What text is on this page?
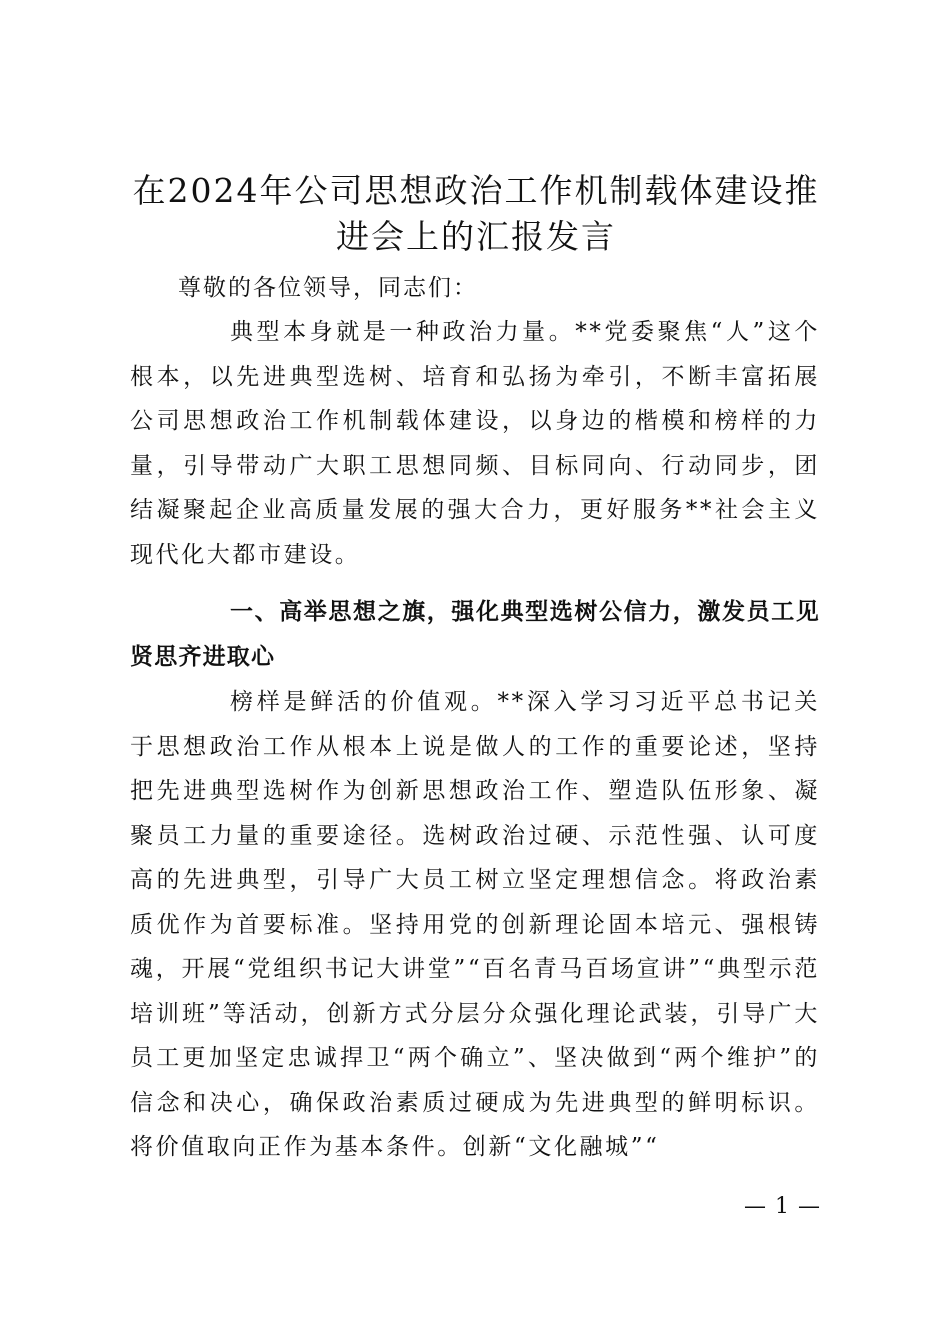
在2024年公司思想政治工作机制载体建设推进会上的汇报发言

尊敬的各位领导，同志们：

典型本身就是一种政治力量。**党委聚焦“人”这个根本，以先进典型选树、培育和弘扬为牵引，不断丰富拓展公司思想政治工作机制载体建设，以身边的楷模和榜样的力量，引导带动广大职工思想同频、目标同向、行动同步，团结凝聚起企业高质量发展的强大合力，更好服务**社会主义现代化大都市建设。

一、高举思想之旗，强化典型选树公信力，激发员工见贤思齐进取心

榜样是鲜活的价值观。**深入学习习近平总书记关于思想政治工作从根本上说是做人的工作的重要论述，坚持把先进典型选树作为创新思想政治工作、塑造队伍形象、凝聚员工力量的重要途径。选树政治过硬、示范性强、认可度高的先进典型，引导广大员工树立坚定理想信念。将政治素质优作为首要标准。坚持用党的创新理论固本培元、强根铸魂，开展“党组织书记大讲堂”“百名青马百场宣讲”“典型示范培训班”等活动，创新方式分层分众强化理论武装，引导广大员工更加坚定忠诚捍卫“两个确立”、坚决做到“两个维护”的信念和决心，确保政治素质过硬成为先进典型的鲜明标识。将价值取向正作为基本条件。创新“文化融城”“

— 1 —
